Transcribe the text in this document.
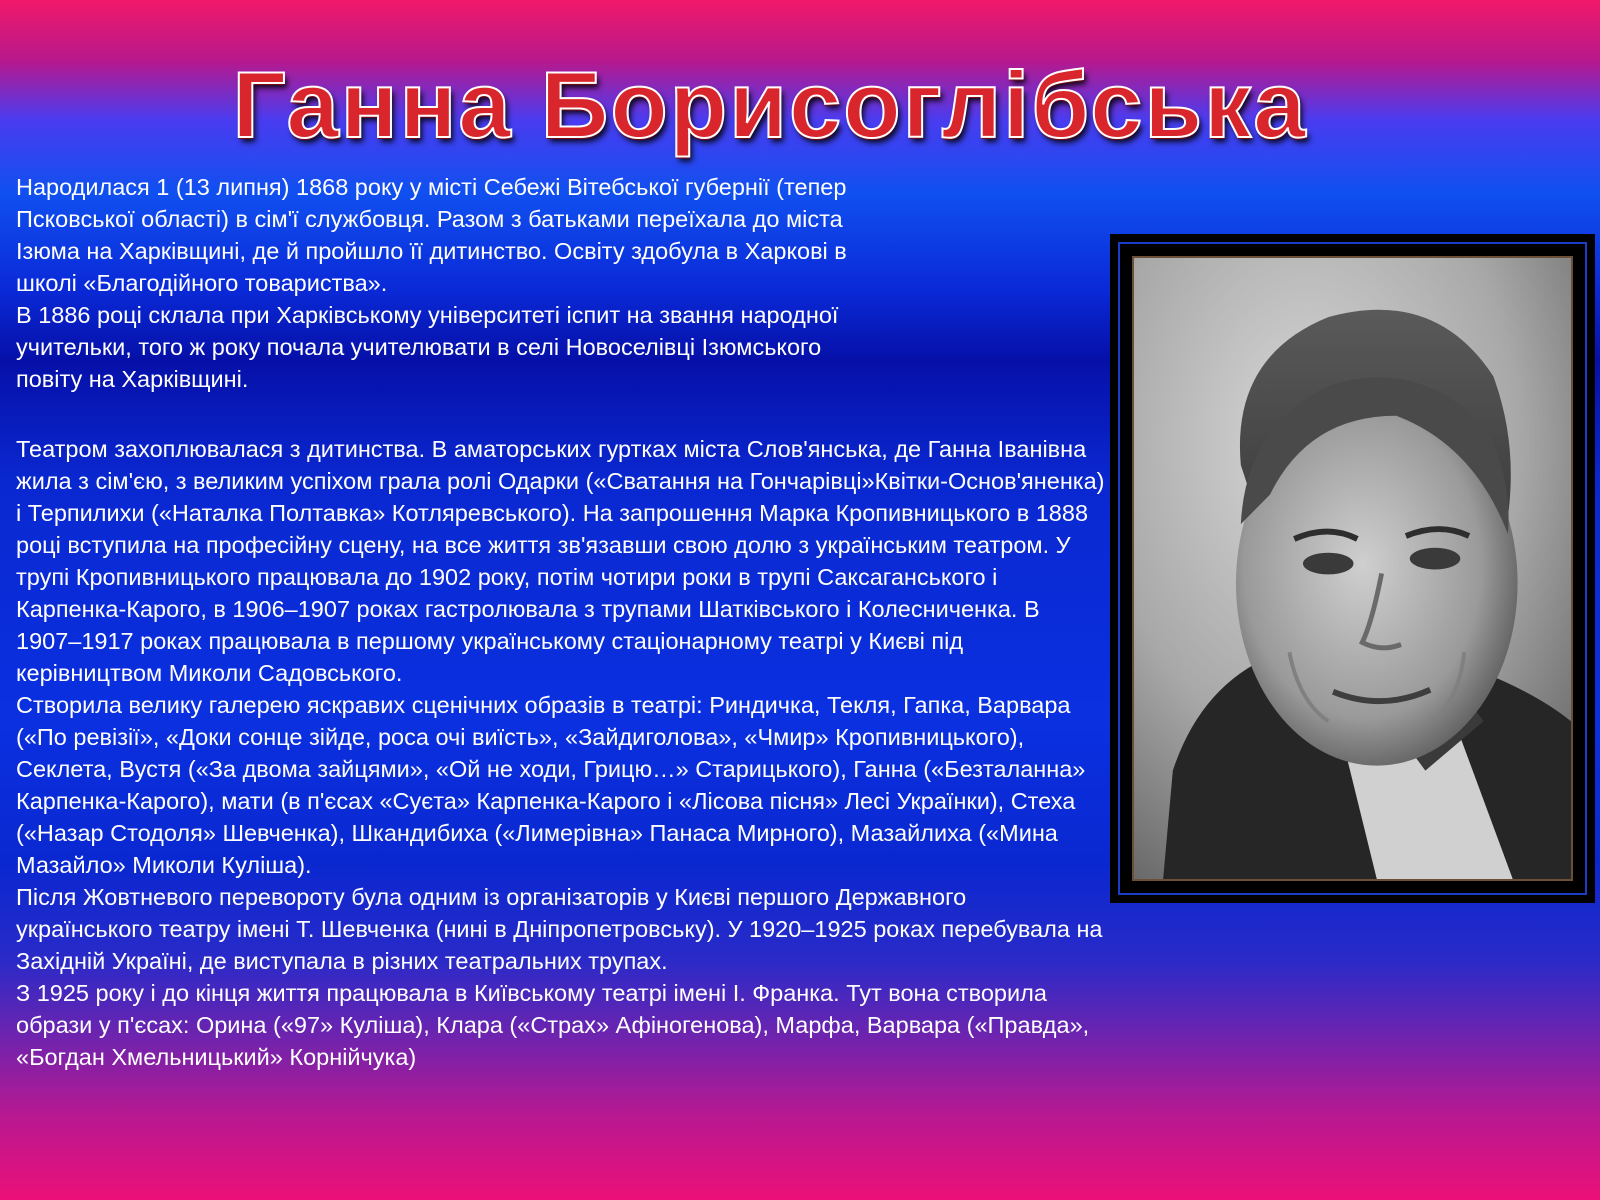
Ганна Борисоглібська

Народилася 1 (13 липня) 1868 року у місті Себежі Вітебської губернії (тепер Псковської області) в сім'ї службовця. Разом з батьками переїхала до міста Ізюма на Харківщині, де й пройшло її дитинство. Освіту здобула в Харкові в школі «Благодійного товариства».

В 1886 році склала при Харківському університеті іспит на звання народної учительки, того ж року почала учителювати в селі Новоселівці Ізюмського повіту на Харківщині.

Театром захоплювалася з дитинства. В аматорських гуртках міста Слов'янська, де Ганна Іванівна жила з сім'єю, з великим успіхом грала ролі Одарки («Сватання на Гончарівці»Квітки-Основ'яненка) і Терпилихи («Наталка Полтавка» Котляревського). На запрошення Марка Кропивницького в 1888 році вступила на професійну сцену, на все життя зв'язавши свою долю з українським театром. У трупі Кропивницького працювала до 1902 року, потім чотири роки в трупі Саксаганського і Карпенка-Карого, в 1906–1907 роках гастролювала з трупами Шатківського і Колесниченка. В 1907–1917 роках працювала в першому українському стаціонарному театрі у Києві під керівництвом Миколи Садовського.

Створила велику галерею яскравих сценічних образів в театрі: Риндичка, Текля, Гапка, Варвара («По ревізії», «Доки сонце зійде, роса очі виїсть», «Зайдиголова», «Чмир» Кропивницького), Секлета, Вустя («За двома зайцями», «Ой не ходи, Грицю…» Старицького), Ганна («Безталанна» Карпенка-Карого), мати (в п'єсах «Суєта» Карпенка-Карого і «Лісова пісня» Лесі Українки), Стеха («Назар Стодоля» Шевченка), Шкандибиха («Лимерівна» Панаса Мирного), Мазайлиха («Мина Мазайло» Миколи Куліша).

Після Жовтневого перевороту була одним із організаторів у Києві першого Державного українського театру імені Т. Шевченка (нині в Дніпропетровську). У 1920–1925 роках перебувала на Західній Україні, де виступала в різних театральних трупах.

З 1925 року і до кінця життя працювала в Київському театрі імені І. Франка. Тут вона створила образи у п'єсах: Орина («97» Куліша), Клара («Страх» Афіногенова), Марфа, Варвара («Правда», «Богдан Хмельницький» Корнійчука)
